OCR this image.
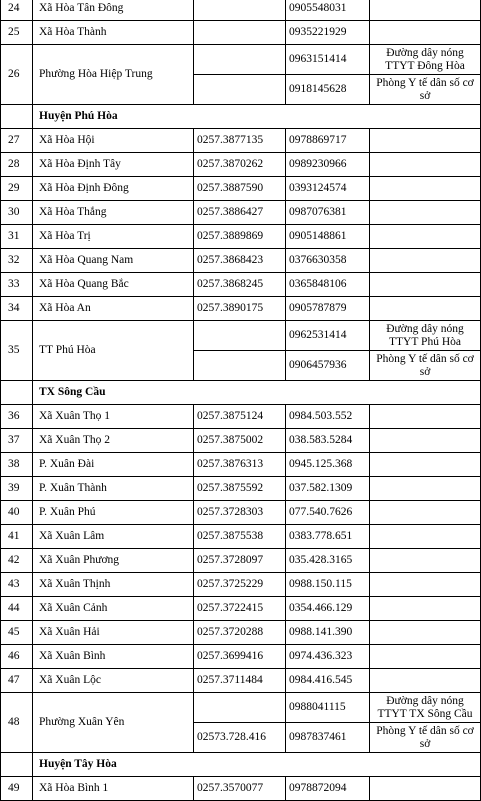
24	Xã Hòa Tân Đông		0905548031	
25	Xã Hòa Thành		0935221929	
26	Phường Hòa Hiệp Trung		0963151414	Đường dây nóng TTYT Đông Hòa
			0918145628	Phòng Y tế dân số cơ sở
	Huyện Phú Hòa			
27	Xã Hòa Hội	0257.3877135	0978869717	
28	Xã Hòa Định Tây	0257.3870262	0989230966	
29	Xã Hòa Định Đông	0257.3887590	0393124574	
30	Xã Hòa Thắng	0257.3886427	0987076381	
31	Xã Hòa Trị	0257.3889869	0905148861	
32	Xã Hòa Quang Nam	0257.3868423	0376630358	
33	Xã Hòa Quang Bắc	0257.3868245	0365848106	
34	Xã Hòa An	0257.3890175	0905787879	
35	TT Phú Hòa		0962531414	Đường dây nóng TTYT Phú Hòa
			0906457936	Phòng Y tế dân số cơ sở
	TX Sông Cầu			
36	Xã Xuân Thọ 1	0257.3875124	0984.503.552	
37	Xã Xuân Thọ 2	0257.3875002	038.583.5284	
38	P. Xuân Đài	0257.3876313	0945.125.368	
39	P. Xuân Thành	0257.3875592	037.582.1309	
40	P. Xuân Phú	0257.3728303	077.540.7626	
41	Xã Xuân Lâm	0257.3875538	0383.778.651	
42	Xã Xuân Phương	0257.3728097	035.428.3165	
43	Xã Xuân Thịnh	0257.3725229	0988.150.115	
44	Xã Xuân Cảnh	0257.3722415	0354.466.129	
45	Xã Xuân Hải	0257.3720288	0988.141.390	
46	Xã Xuân Bình	0257.3699416	0974.436.323	
47	Xã Xuân Lộc	0257.3711484	0984.416.545	
48	Phường Xuân Yên		0988041115	Đường dây nóng TTYT TX Sông Cầu
		02573.728.416	0987837461	Phòng Y tế dân số cơ sở
	Huyện Tây Hòa			
49	Xã Hòa Bình 1	0257.3570077	0978872094	
